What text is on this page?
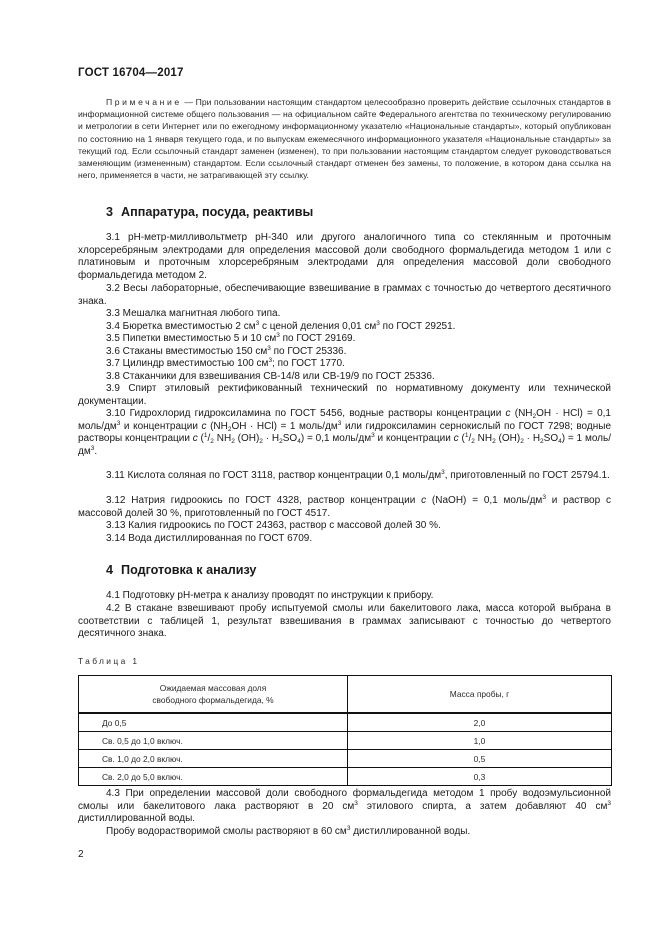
ГОСТ 16704—2017
Примечание — При пользовании настоящим стандартом целесообразно проверить действие ссылочных стандартов в информационной системе общего пользования — на официальном сайте Федерального агентства по техническому регулированию и метрологии в сети Интернет или по ежегодному информационному указателю «Национальные стандарты», который опубликован по состоянию на 1 января текущего года, и по выпускам ежемесячного информационного указателя «Национальные стандарты» за текущий год. Если ссылочный стандарт заменен (изменен), то при пользовании настоящим стандартом следует руководствоваться заменяющим (измененным) стандартом. Если ссылочный стандарт отменен без замены, то положение, в котором дана ссылка на него, применяется в части, не затрагивающей эту ссылку.
3 Аппаратура, посуда, реактивы
3.1 pH-метр-милливольтметр pH-340 или другого аналогичного типа со стеклянным и проточным хлорсеребряным электродами для определения массовой доли свободного формальдегида методом 1 или с платиновым и проточным хлорсеребряным электродами для определения массовой доли свободного формальдегида методом 2.
3.2 Весы лабораторные, обеспечивающие взвешивание в граммах с точностью до четвертого десятичного знака.
3.3 Мешалка магнитная любого типа.
3.4 Бюретка вместимостью 2 $см^3$ с ценой деления 0,01 $см^3$ по ГОСТ 29251.
3.5 Пипетки вместимостью 5 и 10 $см^3$ по ГОСТ 29169.
3.6 Стаканы вместимостью 150 $см^3$ по ГОСТ 25336.
3.7 Цилиндр вместимостью 100 $см^3$; по ГОСТ 1770.
3.8 Стаканчики для взвешивания СВ-14/8 или СВ-19/9 по ГОСТ 25336.
3.9 Спирт этиловый ректификованный технический по нормативному документу или технической документации.
3.10 Гидрохлорид гидроксиламина по ГОСТ 5456, водные растворы концентрации c $(NH_2OH \cdot HCl) = 0,1$ моль/$дм^3$ и концентрации c $(NH_2OH \cdot HCl) = 1$ моль/$дм^3$ или гидроксиламин сернокислый по ГОСТ 7298; водные растворы концентрации c ($^1/_2$ $NH_2$ $(OH)_2 \cdot H_2SO_4) = 0,1$ моль/$дм^3$ и концентрации c ($^1/_2$ $NH_2$ $(OH)_2 \cdot H_2SO_4) = 1$ моль/$дм^3$.
3.11 Кислота соляная по ГОСТ 3118, раствор концентрации 0,1 моль/$дм^3$, приготовленный по ГОСТ 25794.1.
3.12 Натрия гидроокись по ГОСТ 4328, раствор концентрации c (NaOH) = 0,1 моль/$дм^3$ и раствор с массовой долей 30 %, приготовленный по ГОСТ 4517.
3.13 Калия гидроокись по ГОСТ 24363, раствор с массовой долей 30 %.
3.14 Вода дистиллированная по ГОСТ 6709.
4 Подготовка к анализу
4.1 Подготовку pH-метра к анализу проводят по инструкции к прибору.
4.2 В стакане взвешивают пробу испытуемой смолы или бакелитового лака, масса которой выбрана в соответствии с таблицей 1, результат взвешивания в граммах записывают с точностью до четвертого десятичного знака.
Таблица 1
Ожидаемая массовая доля
свободного формальдегида, %	Масса пробы, г
До 0,5	2,0
Св. 0,5 до 1,0 включ.	1,0
Св. 1,0 до 2,0 включ.	0,5
Св. 2,0 до 5,0 включ.	0,3
4.3 При определении массовой доли свободного формальдегида методом 1 пробу водоэмульсионной смолы или бакелитового лака растворяют в 20 $см^3$ этилового спирта, а затем добавляют 40 $см^3$ дистиллированной воды.
Пробу водорастворимой смолы растворяют в 60 $см^3$ дистиллированной воды.
2
